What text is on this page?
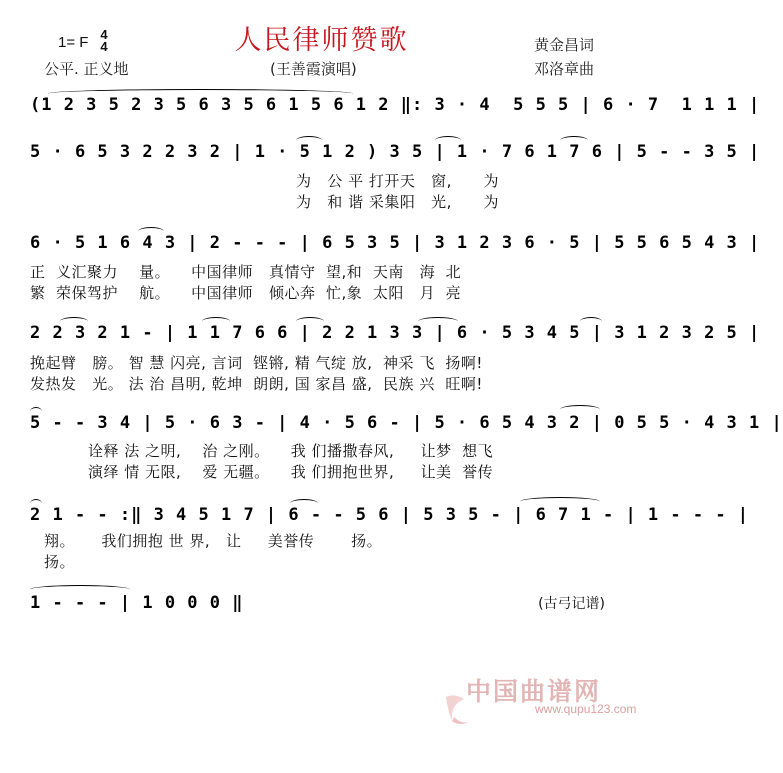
人民律师赞歌
1= F 4
4
公平. 正义地	(王善霞演唱)
黄金昌词
邓洛章曲
(1 2 3 5 2 3 5 6 3 5 6 1 5 6 1 2 ‖: 3 · 4  5 5 5 | 6 · 7  1 1 1 |
5 · 6 5 3 2 2 3 2 | 1 · 5 1 2 ) 3 5 | 1 · 7 6 1 7 6 | 5 - - 3 5 |
为   公 平 打开天   窗,      为
为   和 谐 采集阳   光,      为
6 · 5 1 6 4 3 | 2 - - - | 6 5 3 5 | 3 1 2 3 6 · 5 | 5 5 6 5 4 3 |
正  义汇聚力    量。    中国律师   真情守  望,和  天南   海  北
繁  荣保驾护    航。    中国律师   倾心奔  忙,象  太阳   月  亮
2 2 3 2 1 - | 1 1 7 6 6 | 2 2 1 3 3 | 6 · 5 3 4 5 | 3 1 2 3 2 5 |
挽起臂   膀。 智 慧 闪亮, 言词  铿锵, 精 气绽 放,  神采 飞  扬啊!
发热发   光。 法 治 昌明, 乾坤  朗朗, 国 家昌 盛,  民族 兴  旺啊!
5 - - 3 4 | 5 · 6 3 - | 4 · 5 6 - | 5 · 6 5 4 3 2 | 0 5 5 · 4 3 1 |
诠释 法 之明,    治 之刚。    我 们播撒春风,     让梦  想飞
演绎 情 无限,    爱 无疆。    我 们拥抱世界,     让美  誉传
2 1 - - :‖ 3 4 5 1 7 | 6 - - 5 6 | 5 3 5 - | 6 7 1 - | 1 - - - |
翔。     我们拥抱 世 界,   让     美誉传       扬。
扬。
1 - - - | 1 0 0 0 ‖	(古弓记谱)

中国曲谱网

www.qupu123.com
